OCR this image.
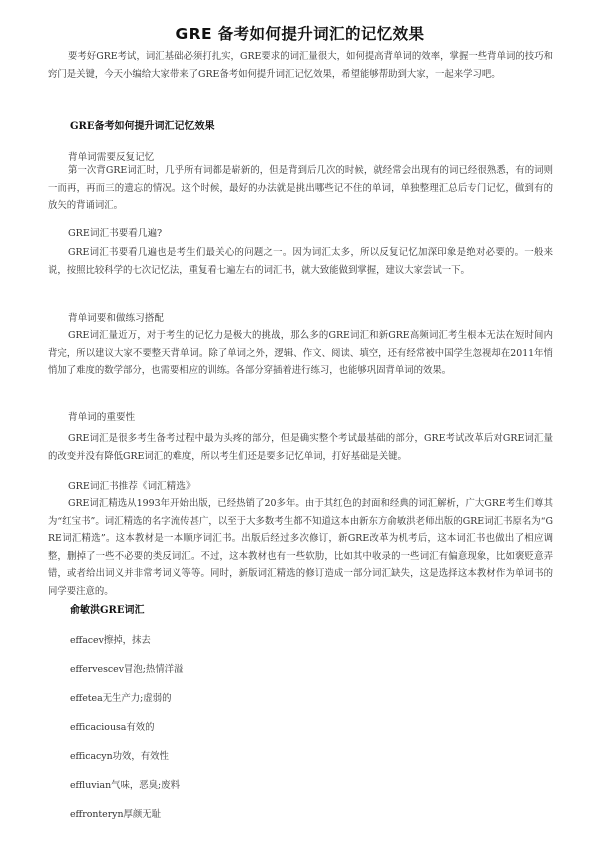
GRE 备考如何提升词汇的记忆效果
要考好GRE考试，词汇基础必须打扎实，GRE要求的词汇量很大，如何提高背单词的效率，掌握一些背单词的技巧和窍门是关键，今天小编给大家带来了GRE备考如何提升词汇记忆效果，希望能够帮助到大家，一起来学习吧。
GRE备考如何提升词汇记忆效果
背单词需要反复记忆
第一次背GRE词汇时，几乎所有词都是崭新的，但是背到后几次的时候，就经常会出现有的词已经很熟悉，有的词则一而再，再而三的遗忘的情况。这个时候，最好的办法就是挑出哪些记不住的单词，单独整理汇总后专门记忆，做到有的放矢的背诵词汇。
GRE词汇书要看几遍?
GRE词汇书要看几遍也是考生们最关心的问题之一。因为词汇太多，所以反复记忆加深印象是绝对必要的。一般来说，按照比较科学的七次记忆法，重复看七遍左右的词汇书，就大致能做到掌握，建议大家尝试一下。
背单词要和做练习搭配
GRE词汇量近万，对于考生的记忆力是极大的挑战，那么多的GRE词汇和新GRE高频词汇考生根本无法在短时间内背完，所以建议大家不要整天背单词。除了单词之外，逻辑、作文、阅读、填空，还有经常被中国学生忽视却在2011年悄悄加了难度的数学部分，也需要相应的训练。各部分穿插着进行练习，也能够巩固背单词的效果。
背单词的重要性
GRE词汇是很多考生备考过程中最为头疼的部分，但是确实整个考试最基础的部分，GRE考试改革后对GRE词汇量的改变并没有降低GRE词汇的难度，所以考生们还是要多记忆单词，打好基础是关键。
GRE词汇书推荐《词汇精选》
GRE词汇精选从1993年开始出版，已经热销了20多年。由于其红色的封面和经典的词汇解析，广大GRE考生们尊其为“红宝书”。词汇精选的名字流传甚广，以至于大多数考生都不知道这本由新东方俞敏洪老师出版的GRE词汇书原名为“GRE词汇精选”。这本教材是一本顺序词汇书。出版后经过多次修订，新GRE改革为机考后，这本词汇书也做出了相应调整，删掉了一些不必要的类反词汇。不过，这本教材也有一些软肋，比如其中收录的一些词汇有偏意现象，比如褒贬意弄错，或者给出词义并非常考词义等等。同时，新版词汇精选的修订造成一部分词汇缺失，这是选择这本教材作为单词书的同学要注意的。
俞敏洪GRE词汇
effacev擦掉，抹去
effervescev冒泡;热情洋溢
effetea无生产力;虚弱的
efficaciousa有效的
efficacyn功效，有效性
effluvian气味，恶臭;废料
effronteryn厚颜无耻
